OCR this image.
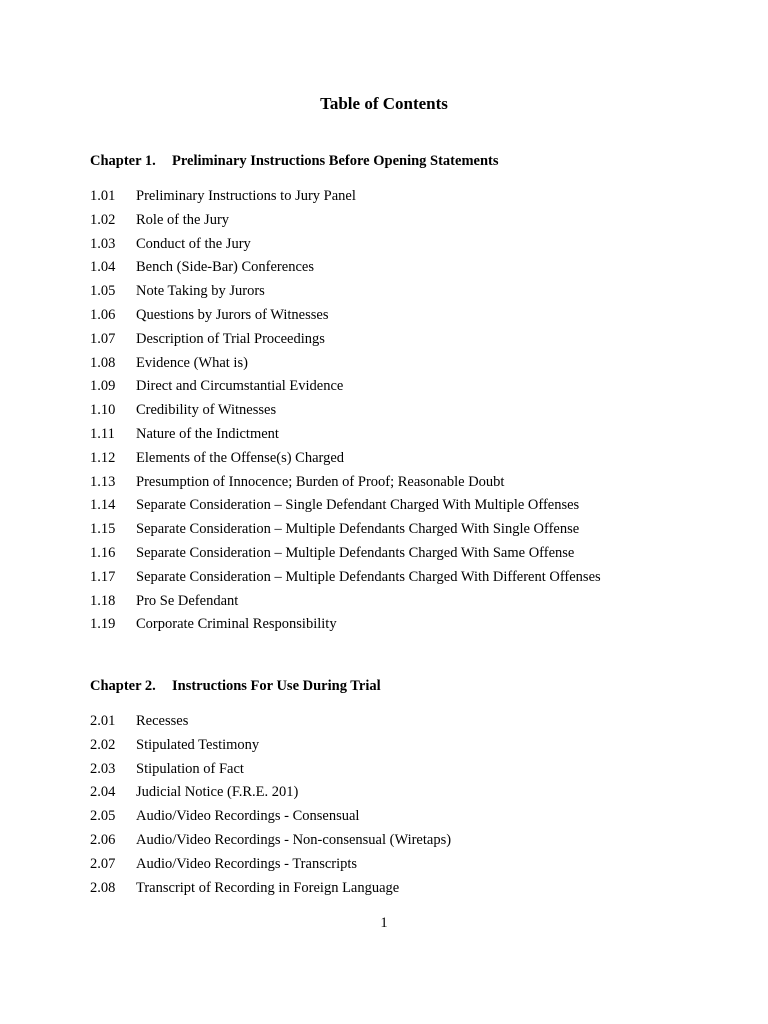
Table of Contents
Chapter 1. Preliminary Instructions Before Opening Statements
1.01	Preliminary Instructions to Jury Panel
1.02	Role of the Jury
1.03	Conduct of the Jury
1.04	Bench (Side-Bar) Conferences
1.05	Note Taking by Jurors
1.06	Questions by Jurors of Witnesses
1.07	Description of Trial Proceedings
1.08	Evidence (What is)
1.09	Direct and Circumstantial Evidence
1.10	Credibility of Witnesses
1.11	Nature of the Indictment
1.12	Elements of the Offense(s) Charged
1.13	Presumption of Innocence; Burden of Proof; Reasonable Doubt
1.14	Separate Consideration – Single Defendant Charged With Multiple Offenses
1.15	Separate Consideration – Multiple Defendants Charged With Single Offense
1.16	Separate Consideration – Multiple Defendants Charged With Same Offense
1.17	Separate Consideration – Multiple Defendants Charged With Different Offenses
1.18	Pro Se Defendant
1.19	Corporate Criminal Responsibility
Chapter 2. Instructions For Use During Trial
2.01	Recesses
2.02	Stipulated Testimony
2.03	Stipulation of Fact
2.04	Judicial Notice (F.R.E. 201)
2.05	Audio/Video Recordings - Consensual
2.06	Audio/Video Recordings - Non-consensual (Wiretaps)
2.07	Audio/Video Recordings - Transcripts
2.08	Transcript of Recording in Foreign Language
1
